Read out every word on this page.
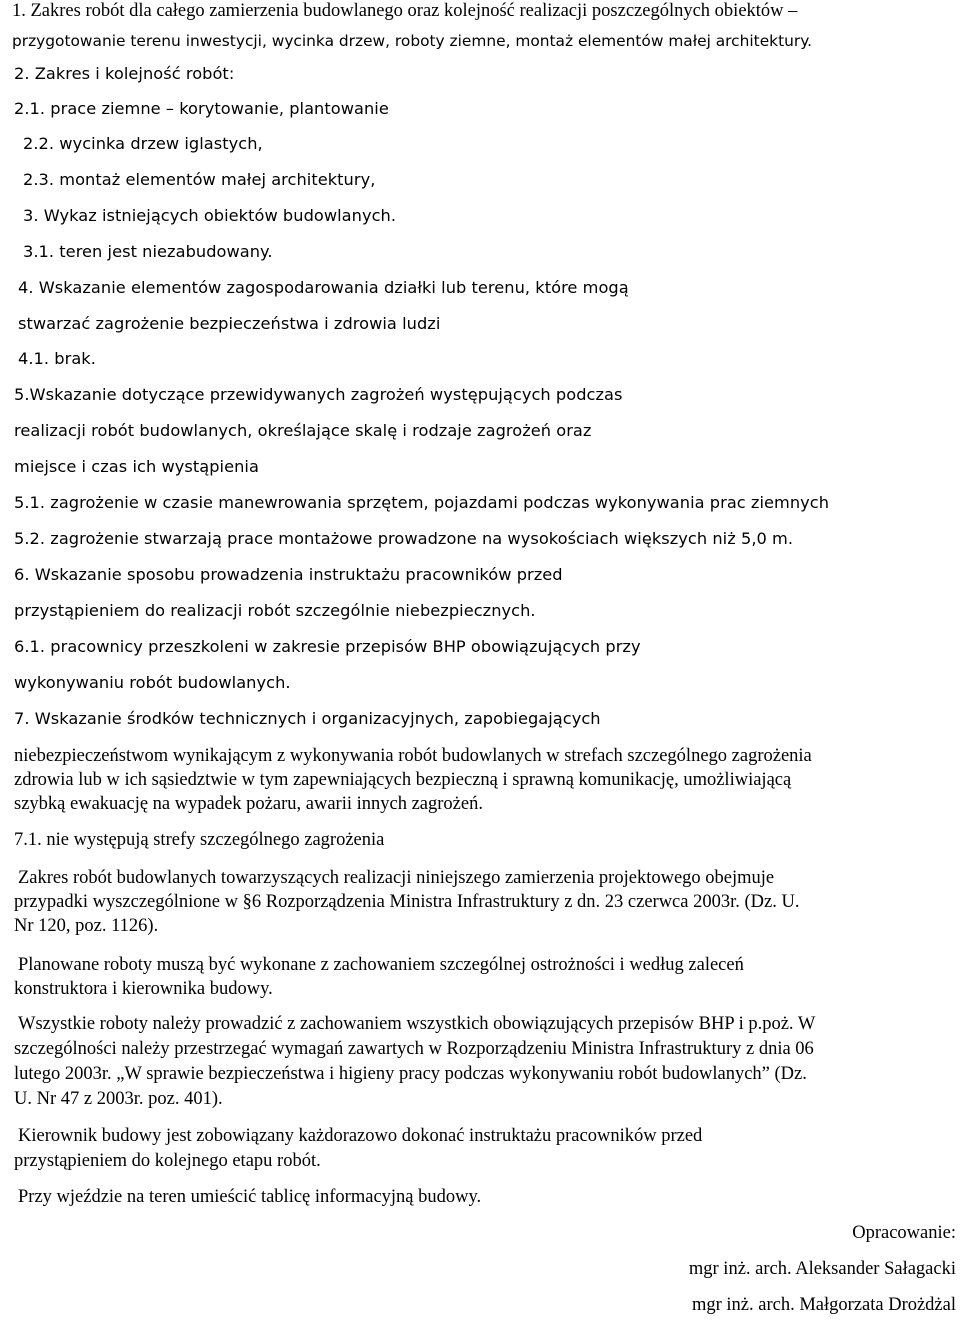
1. Zakres robót dla całego zamierzenia budowlanego oraz kolejność realizacji poszczególnych obiektów –

przygotowanie terenu inwestycji, wycinka drzew, roboty ziemne, montaż elementów małej architektury.

2. Zakres i kolejność robót:

2.1. prace ziemne – korytowanie, plantowanie

2.2. wycinka drzew iglastych,

2.3. montaż elementów małej architektury,

3. Wykaz istniejących obiektów budowlanych.

3.1. teren jest niezabudowany.

4. Wskazanie elementów zagospodarowania działki lub terenu, które mogą

stwarzać zagrożenie bezpieczeństwa i zdrowia ludzi

4.1. brak.

5.Wskazanie dotyczące przewidywanych zagrożeń występujących podczas

realizacji robót budowlanych, określające skalę i rodzaje zagrożeń oraz

miejsce i czas ich wystąpienia

5.1. zagrożenie w czasie manewrowania sprzętem, pojazdami podczas wykonywania prac ziemnych

5.2. zagrożenie stwarzają prace montażowe prowadzone na wysokościach większych niż 5,0 m.

6. Wskazanie sposobu prowadzenia instruktażu pracowników przed

przystąpieniem do realizacji robót szczególnie niebezpiecznych.

6.1. pracownicy przeszkoleni w zakresie przepisów BHP obowiązujących przy

wykonywaniu robót budowlanych.

7. Wskazanie środków technicznych i organizacyjnych, zapobiegających

niebezpieczeństwom wynikającym z wykonywania robót budowlanych w strefach szczególnego zagrożenia

zdrowia lub w ich sąsiedztwie w tym zapewniających bezpieczną i sprawną komunikację, umożliwiającą

szybką ewakuację na wypadek pożaru, awarii innych zagrożeń.

7.1. nie występują strefy szczególnego zagrożenia

Zakres robót budowlanych towarzyszących realizacji niniejszego zamierzenia projektowego obejmuje

przypadki wyszczególnione w §6 Rozporządzenia Ministra Infrastruktury z dn. 23 czerwca 2003r. (Dz. U.

Nr 120, poz. 1126).

Planowane roboty muszą być wykonane z zachowaniem szczególnej ostrożności i według zaleceń

konstruktora i kierownika budowy.

Wszystkie roboty należy prowadzić z zachowaniem wszystkich obowiązujących przepisów BHP i p.poż. W

szczególności należy przestrzegać wymagań zawartych w Rozporządzeniu Ministra Infrastruktury z dnia 06

lutego 2003r. „W sprawie bezpieczeństwa i higieny pracy podczas wykonywaniu robót budowlanych” (Dz.

U. Nr 47 z 2003r. poz. 401).

Kierownik budowy jest zobowiązany każdorazowo dokonać instruktażu pracowników przed

przystąpieniem do kolejnego etapu robót.

Przy wjeździe na teren umieścić tablicę informacyjną budowy.

Opracowanie:

mgr inż. arch. Aleksander Sałagacki

mgr inż. arch. Małgorzata Drożdżal
